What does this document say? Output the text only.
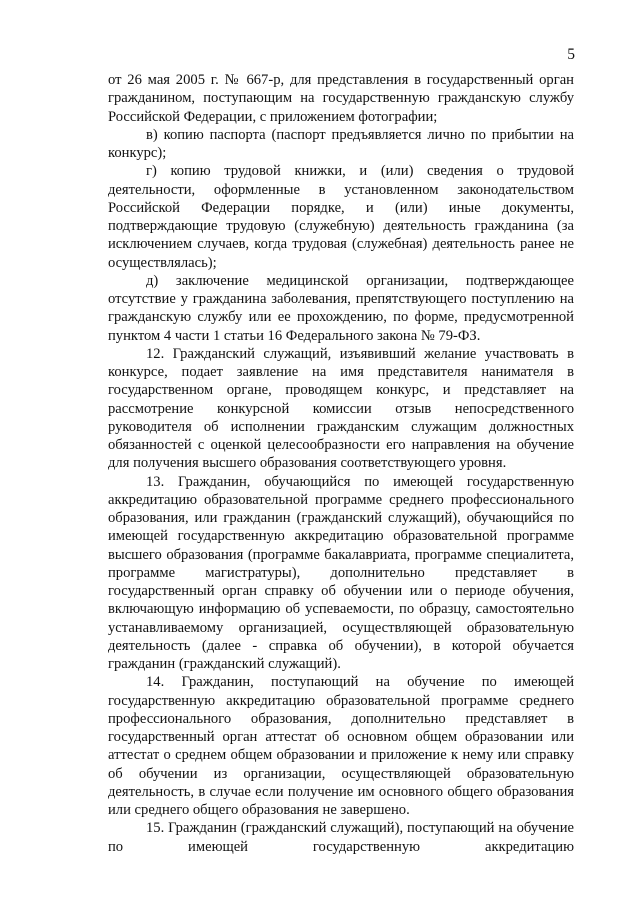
5

от 26 мая 2005 г. № 667-р, для представления в государственный орган гражданином, поступающим на государственную гражданскую службу Российской Федерации, с приложением фотографии;

в) копию паспорта (паспорт предъявляется лично по прибытии на конкурс);

г) копию трудовой книжки, и (или) сведения о трудовой деятельности, оформленные в установленном законодательством Российской Федерации порядке, и (или) иные документы, подтверждающие трудовую (служебную) деятельность гражданина (за исключением случаев, когда трудовая (служебная) деятельность ранее не осуществлялась);

д) заключение медицинской организации, подтверждающее отсутствие у гражданина заболевания, препятствующего поступлению на гражданскую службу или ее прохождению, по форме, предусмотренной пунктом 4 части 1 статьи 16 Федерального закона № 79-ФЗ.

12. Гражданский служащий, изъявивший желание участвовать в конкурсе, подает заявление на имя представителя нанимателя в государственном органе, проводящем конкурс, и представляет на рассмотрение конкурсной комиссии отзыв непосредственного руководителя об исполнении гражданским служащим должностных обязанностей с оценкой целесообразности его направления на обучение для получения высшего образования соответствующего уровня.

13. Гражданин, обучающийся по имеющей государственную аккредитацию образовательной программе среднего профессионального образования, или гражданин (гражданский служащий), обучающийся по имеющей государственную аккредитацию образовательной программе высшего образования (программе бакалавриата, программе специалитета, программе магистратуры), дополнительно представляет в государственный орган справку об обучении или о периоде обучения, включающую информацию об успеваемости, по образцу, самостоятельно устанавливаемому организацией, осуществляющей образовательную деятельность (далее - справка об обучении), в которой обучается гражданин (гражданский служащий).

14. Гражданин, поступающий на обучение по имеющей государственную аккредитацию образовательной программе среднего профессионального образования, дополнительно представляет в государственный орган аттестат об основном общем образовании или аттестат о среднем общем образовании и приложение к нему или справку об обучении из организации, осуществляющей образовательную деятельность, в случае если получение им основного общего образования или среднего общего образования не завершено.

15. Гражданин (гражданский служащий), поступающий на обучение по имеющей государственную аккредитацию
